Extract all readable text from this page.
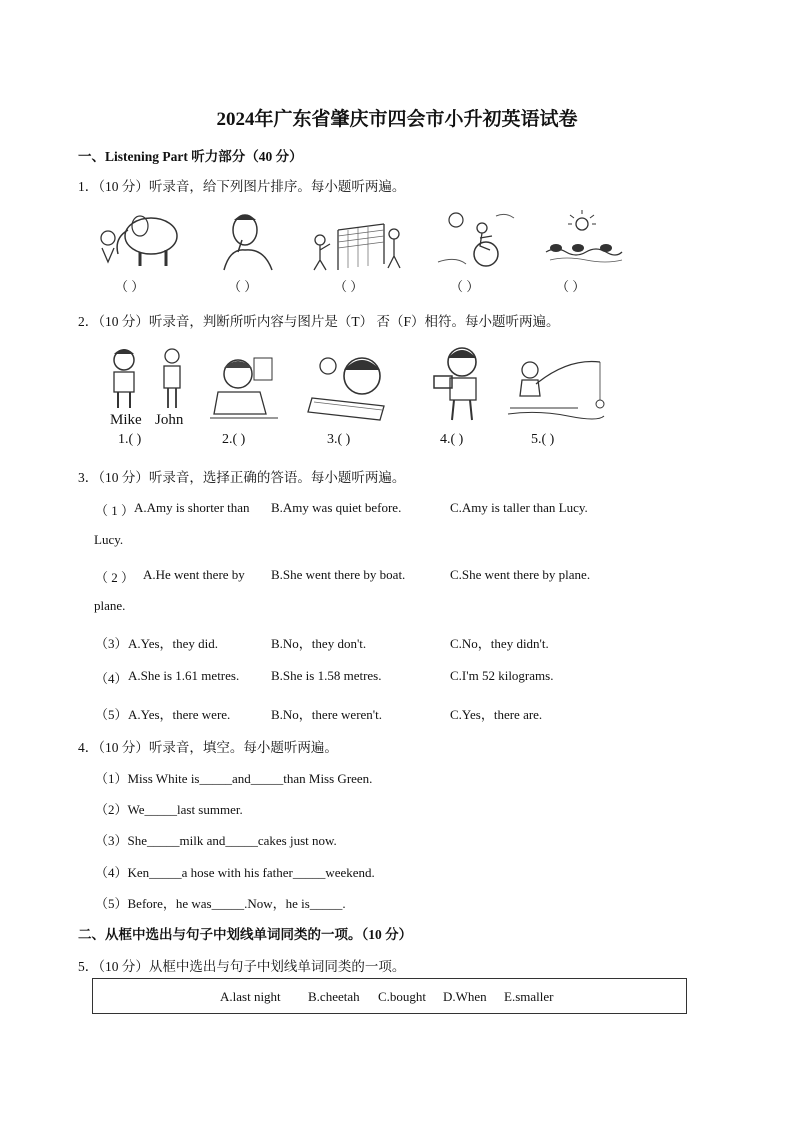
2024年广东省肇庆市四会市小升初英语试卷
一、Listening Part 听力部分（40 分）
1．（10 分）听录音，给下列图片排序。每小题听两遍。
（ ）	（ ）	（ ）	（ ）	（ ）
2．（10 分）听录音，判断所听内容与图片是（T） 否（F）相符。每小题听两遍。
Mike John
1.( )	2.( )	3.( )	4.( )	5.( )
3．（10 分）听录音，选择正确的答语。每小题听两遍。
（ 1 ） A.Amy is shorter than B.Amy was quiet before.	C.Amy is taller than Lucy.
Lucy.
（ 2 ） A.He went there by B.She went there by boat.	C.She went there by plane.
plane.
（3） A.Yes，they did.	B.No，they don't.	C.No，they didn't.
（4） A.She is 1.61 metres. B.She is 1.58 metres.	C.I'm 52 kilograms.
（5） A.Yes，there were.	B.No，there weren't.	C.Yes，there are.
4．（10 分）听录音，填空。每小题听两遍。
（1）Miss White is_____and_____than Miss Green.
（2）We_____last summer.
（3）She_____milk and_____cakes just now.
（4）Ken_____a hose with his father_____weekend.
（5）Before，he was_____.Now，he is_____.
二、从框中选出与句子中划线单词同类的一项。（10 分）
5．（10 分）从框中选出与句子中划线单词同类的一项。
A.last night B.cheetah C.bought D.When E.smaller
